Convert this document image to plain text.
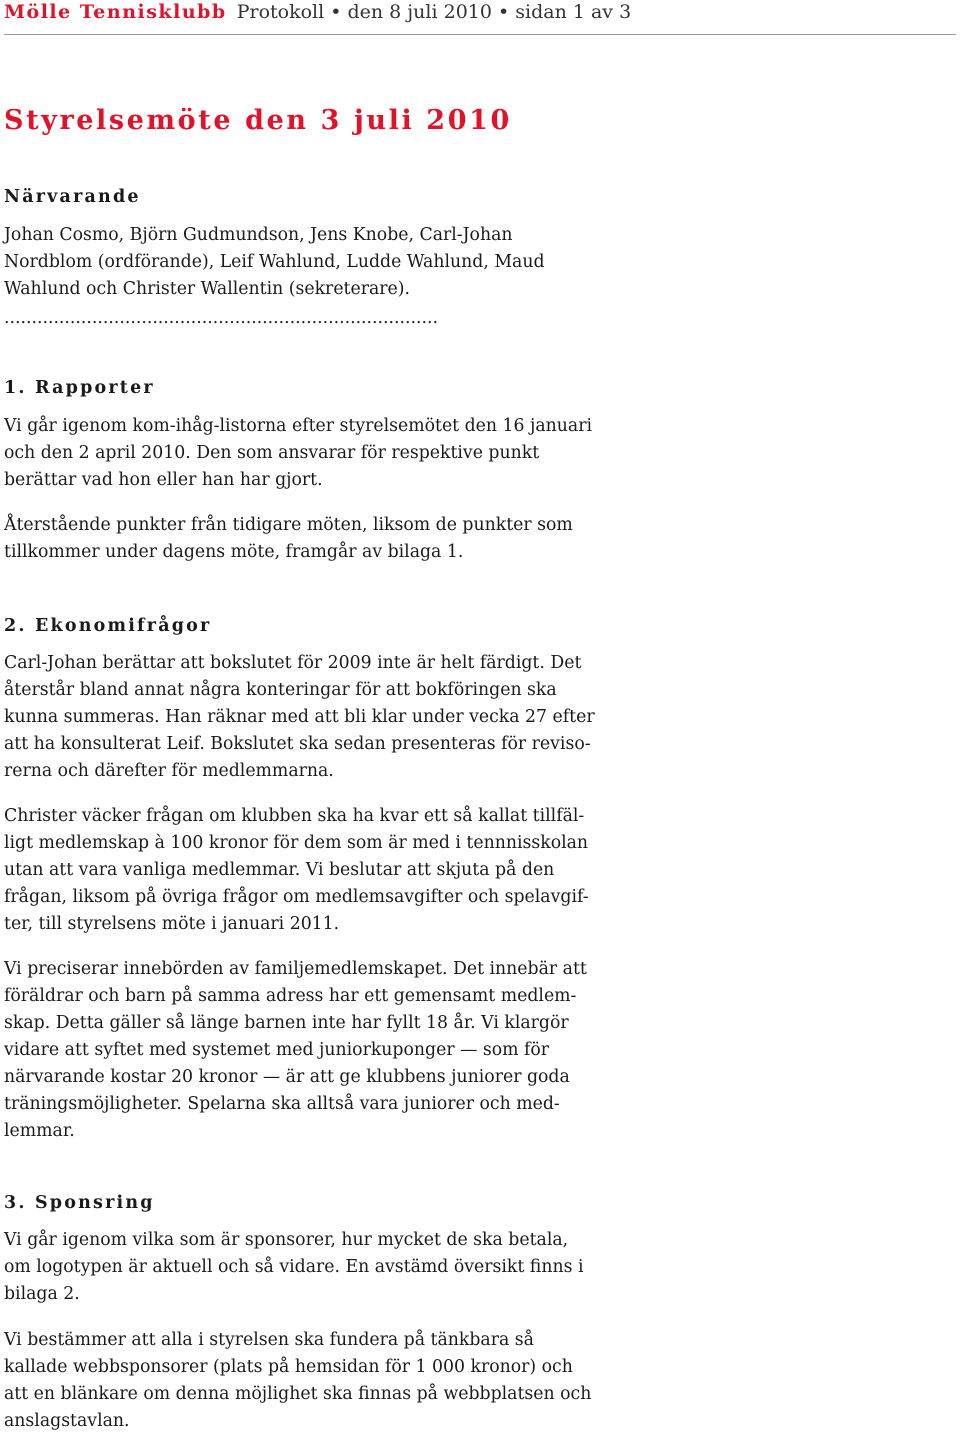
Mölle Tennisklubb Protokoll • den 8 juli 2010 • sidan 1 av 3
Styrelsemöte den 3 juli 2010
Närvarande

Johan Cosmo, Björn Gudmundson, Jens Knobe, Carl-Johan
Nordblom (ordförande), Leif Wahlund, Ludde Wahlund, Maud
Wahlund och Christer Wallentin (sekreterare).

...............................................................................
1. Rapporter

Vi går igenom kom-ihåg-listorna efter styrelsemötet den 16 januari
och den 2 april 2010. Den som ansvarar för respektive punkt
berättar vad hon eller han har gjort.

Återstående punkter från tidigare möten, liksom de punkter som
tillkommer under dagens möte, framgår av bilaga 1.

2. Ekonomifrågor

Carl-Johan berättar att bokslutet för 2009 inte är helt färdigt. Det
återstår bland annat några konteringar för att bokföringen ska
kunna summeras. Han räknar med att bli klar under vecka 27 efter
att ha konsulterat Leif. Bokslutet ska sedan presenteras för reviso-
rerna och därefter för medlemmarna.

Christer väcker frågan om klubben ska ha kvar ett så kallat tillfäl-
ligt medlemskap à 100 kronor för dem som är med i tennnisskolan
utan att vara vanliga medlemmar. Vi beslutar att skjuta på den
frågan, liksom på övriga frågor om medlemsavgifter och spelavgif-
ter, till styrelsens möte i januari 2011.

Vi preciserar innebörden av familjemedlemskapet. Det innebär att
föräldrar och barn på samma adress har ett gemensamt medlem-
skap. Detta gäller så länge barnen inte har fyllt 18 år. Vi klargör
vidare att syftet med systemet med juniorkuponger — som för
närvarande kostar 20 kronor — är att ge klubbens juniorer goda
träningsmöjligheter. Spelarna ska alltså vara juniorer och med-
lemmar.

3. Sponsring

Vi går igenom vilka som är sponsorer, hur mycket de ska betala,
om logotypen är aktuell och så vidare. En avstämd översikt finns i
bilaga 2.

Vi bestämmer att alla i styrelsen ska fundera på tänkbara så
kallade webbsponsorer (plats på hemsidan för 1 000 kronor) och
att en blänkare om denna möjlighet ska finnas på webbplatsen och
anslagstavlan.
